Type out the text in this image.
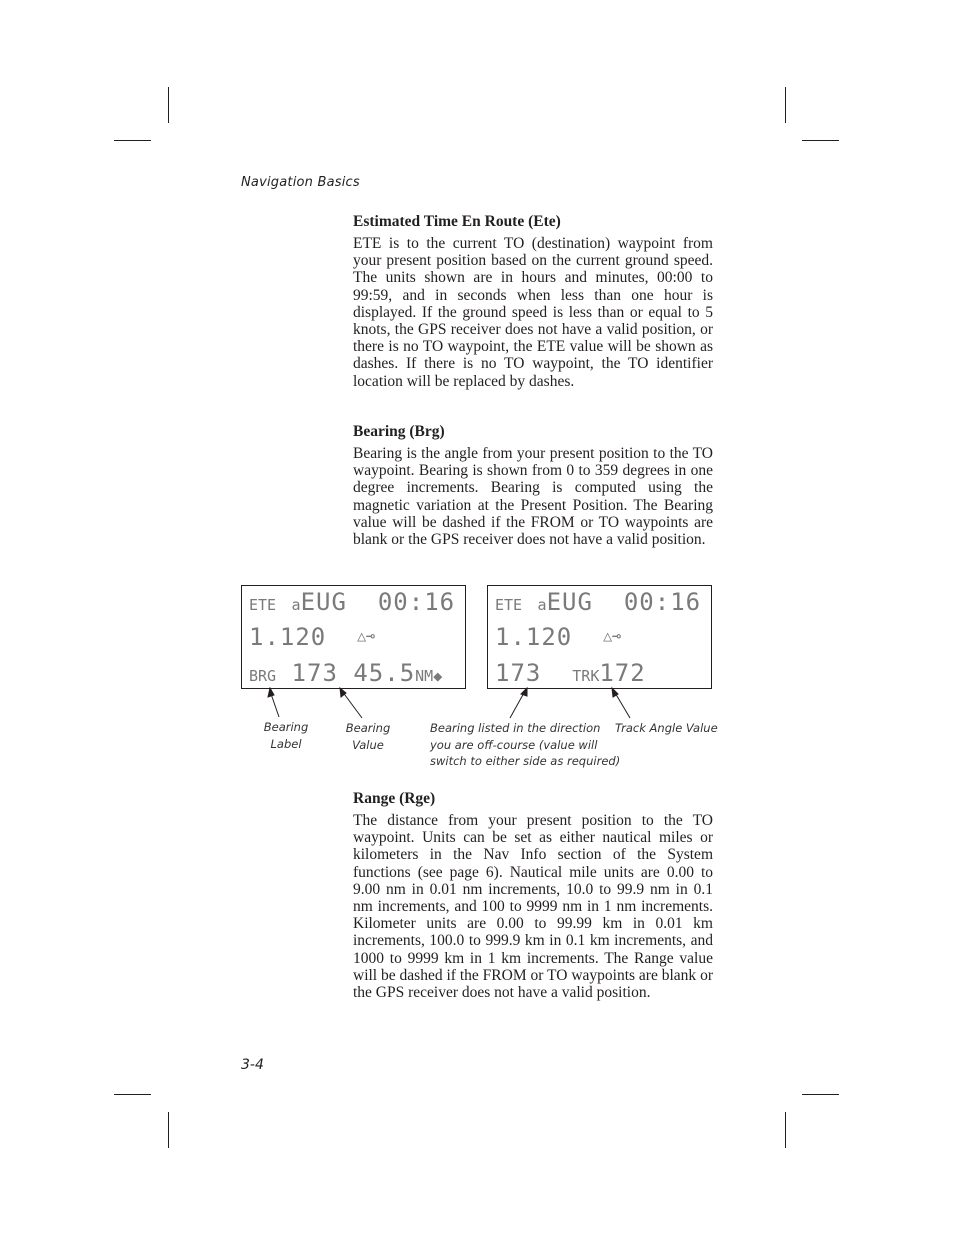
Navigation Basics
Estimated Time En Route (Ete)

ETE is to the current TO (destination) waypoint from your present position based on the current ground speed. The units shown are in hours and minutes, 00:00 to 99:59, and in seconds when less than one hour is displayed. If the ground speed is less than or equal to 5 knots, the GPS receiver does not have a valid position, or there is no TO waypoint, the ETE value will be shown as dashes. If there is no TO waypoint, the TO identifier location will be replaced by dashes.

Bearing (Brg)

Bearing is the angle from your present position to the TO waypoint. Bearing is shown from 0 to 359 degrees in one degree increments. Bearing is computed using the magnetic variation at the Present Position. The Bearing value will be dashed if the FROM or TO waypoints are blank or the GPS receiver does not have a valid position.

ETE aEUG 00:16
1.120 △⊸
BRG 173 45.5NM◆
ETE aEUG 00:16
1.120 △⊸
173 TRK172
Bearing
Label
Bearing
Value
Bearing listed in the direction
you are off-course (value will
switch to either side as required)
Track Angle Value
Range (Rge)

The distance from your present position to the TO waypoint. Units can be set as either nautical miles or kilometers in the Nav Info section of the System functions (see page 6). Nautical mile units are 0.00 to 9.00 nm in 0.01 nm increments, 10.0 to 99.9 nm in 0.1 nm increments, and 100 to 9999 nm in 1 nm increments. Kilometer units are 0.00 to 99.99 km in 0.01 km increments, 100.0 to 999.9 km in 0.1 km increments, and 1000 to 9999 km in 1 km increments. The Range value will be dashed if the FROM or TO waypoints are blank or the GPS receiver does not have a valid position.

3-4
